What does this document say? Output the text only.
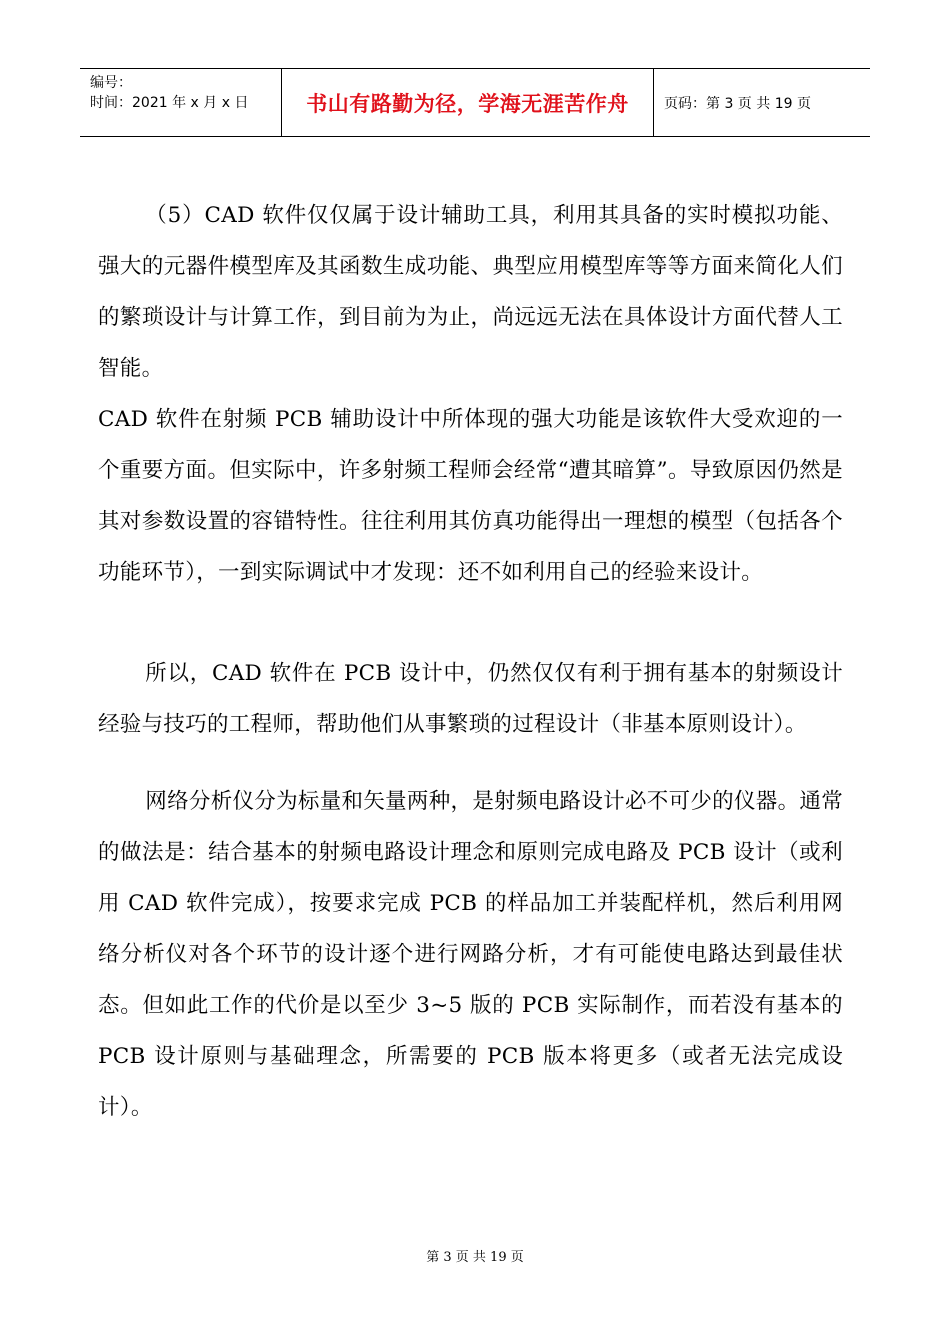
编号：
时间：2021 年 x 月 x 日	书山有路勤为径，学海无涯苦作舟	页码：第 3 页 共 19 页

（5）CAD 软件仅仅属于设计辅助工具，利用其具备的实时模拟功能、强大的元器件模型库及其函数生成功能、典型应用模型库等等方面来简化人们的繁琐设计与计算工作，到目前为为止，尚远远无法在具体设计方面代替人工智能。

CAD 软件在射频 PCB 辅助设计中所体现的强大功能是该软件大受欢迎的一个重要方面。但实际中，许多射频工程师会经常“遭其暗算”。导致原因仍然是其对参数设置的容错特性。往往利用其仿真功能得出一理想的模型（包括各个功能环节），一到实际调试中才发现：还不如利用自己的经验来设计。

所以，CAD 软件在 PCB 设计中，仍然仅仅有利于拥有基本的射频设计经验与技巧的工程师，帮助他们从事繁琐的过程设计（非基本原则设计）。

网络分析仪分为标量和矢量两种，是射频电路设计必不可少的仪器。通常的做法是：结合基本的射频电路设计理念和原则完成电路及 PCB 设计（或利用 CAD 软件完成），按要求完成 PCB 的样品加工并装配样机，然后利用网络分析仪对各个环节的设计逐个进行网路分析，才有可能使电路达到最佳状态。但如此工作的代价是以至少 3~5 版的 PCB 实际制作，而若没有基本的 PCB 设计原则与基础理念，所需要的 PCB 版本将更多（或者无法完成设计）。

第 3 页 共 19 页
